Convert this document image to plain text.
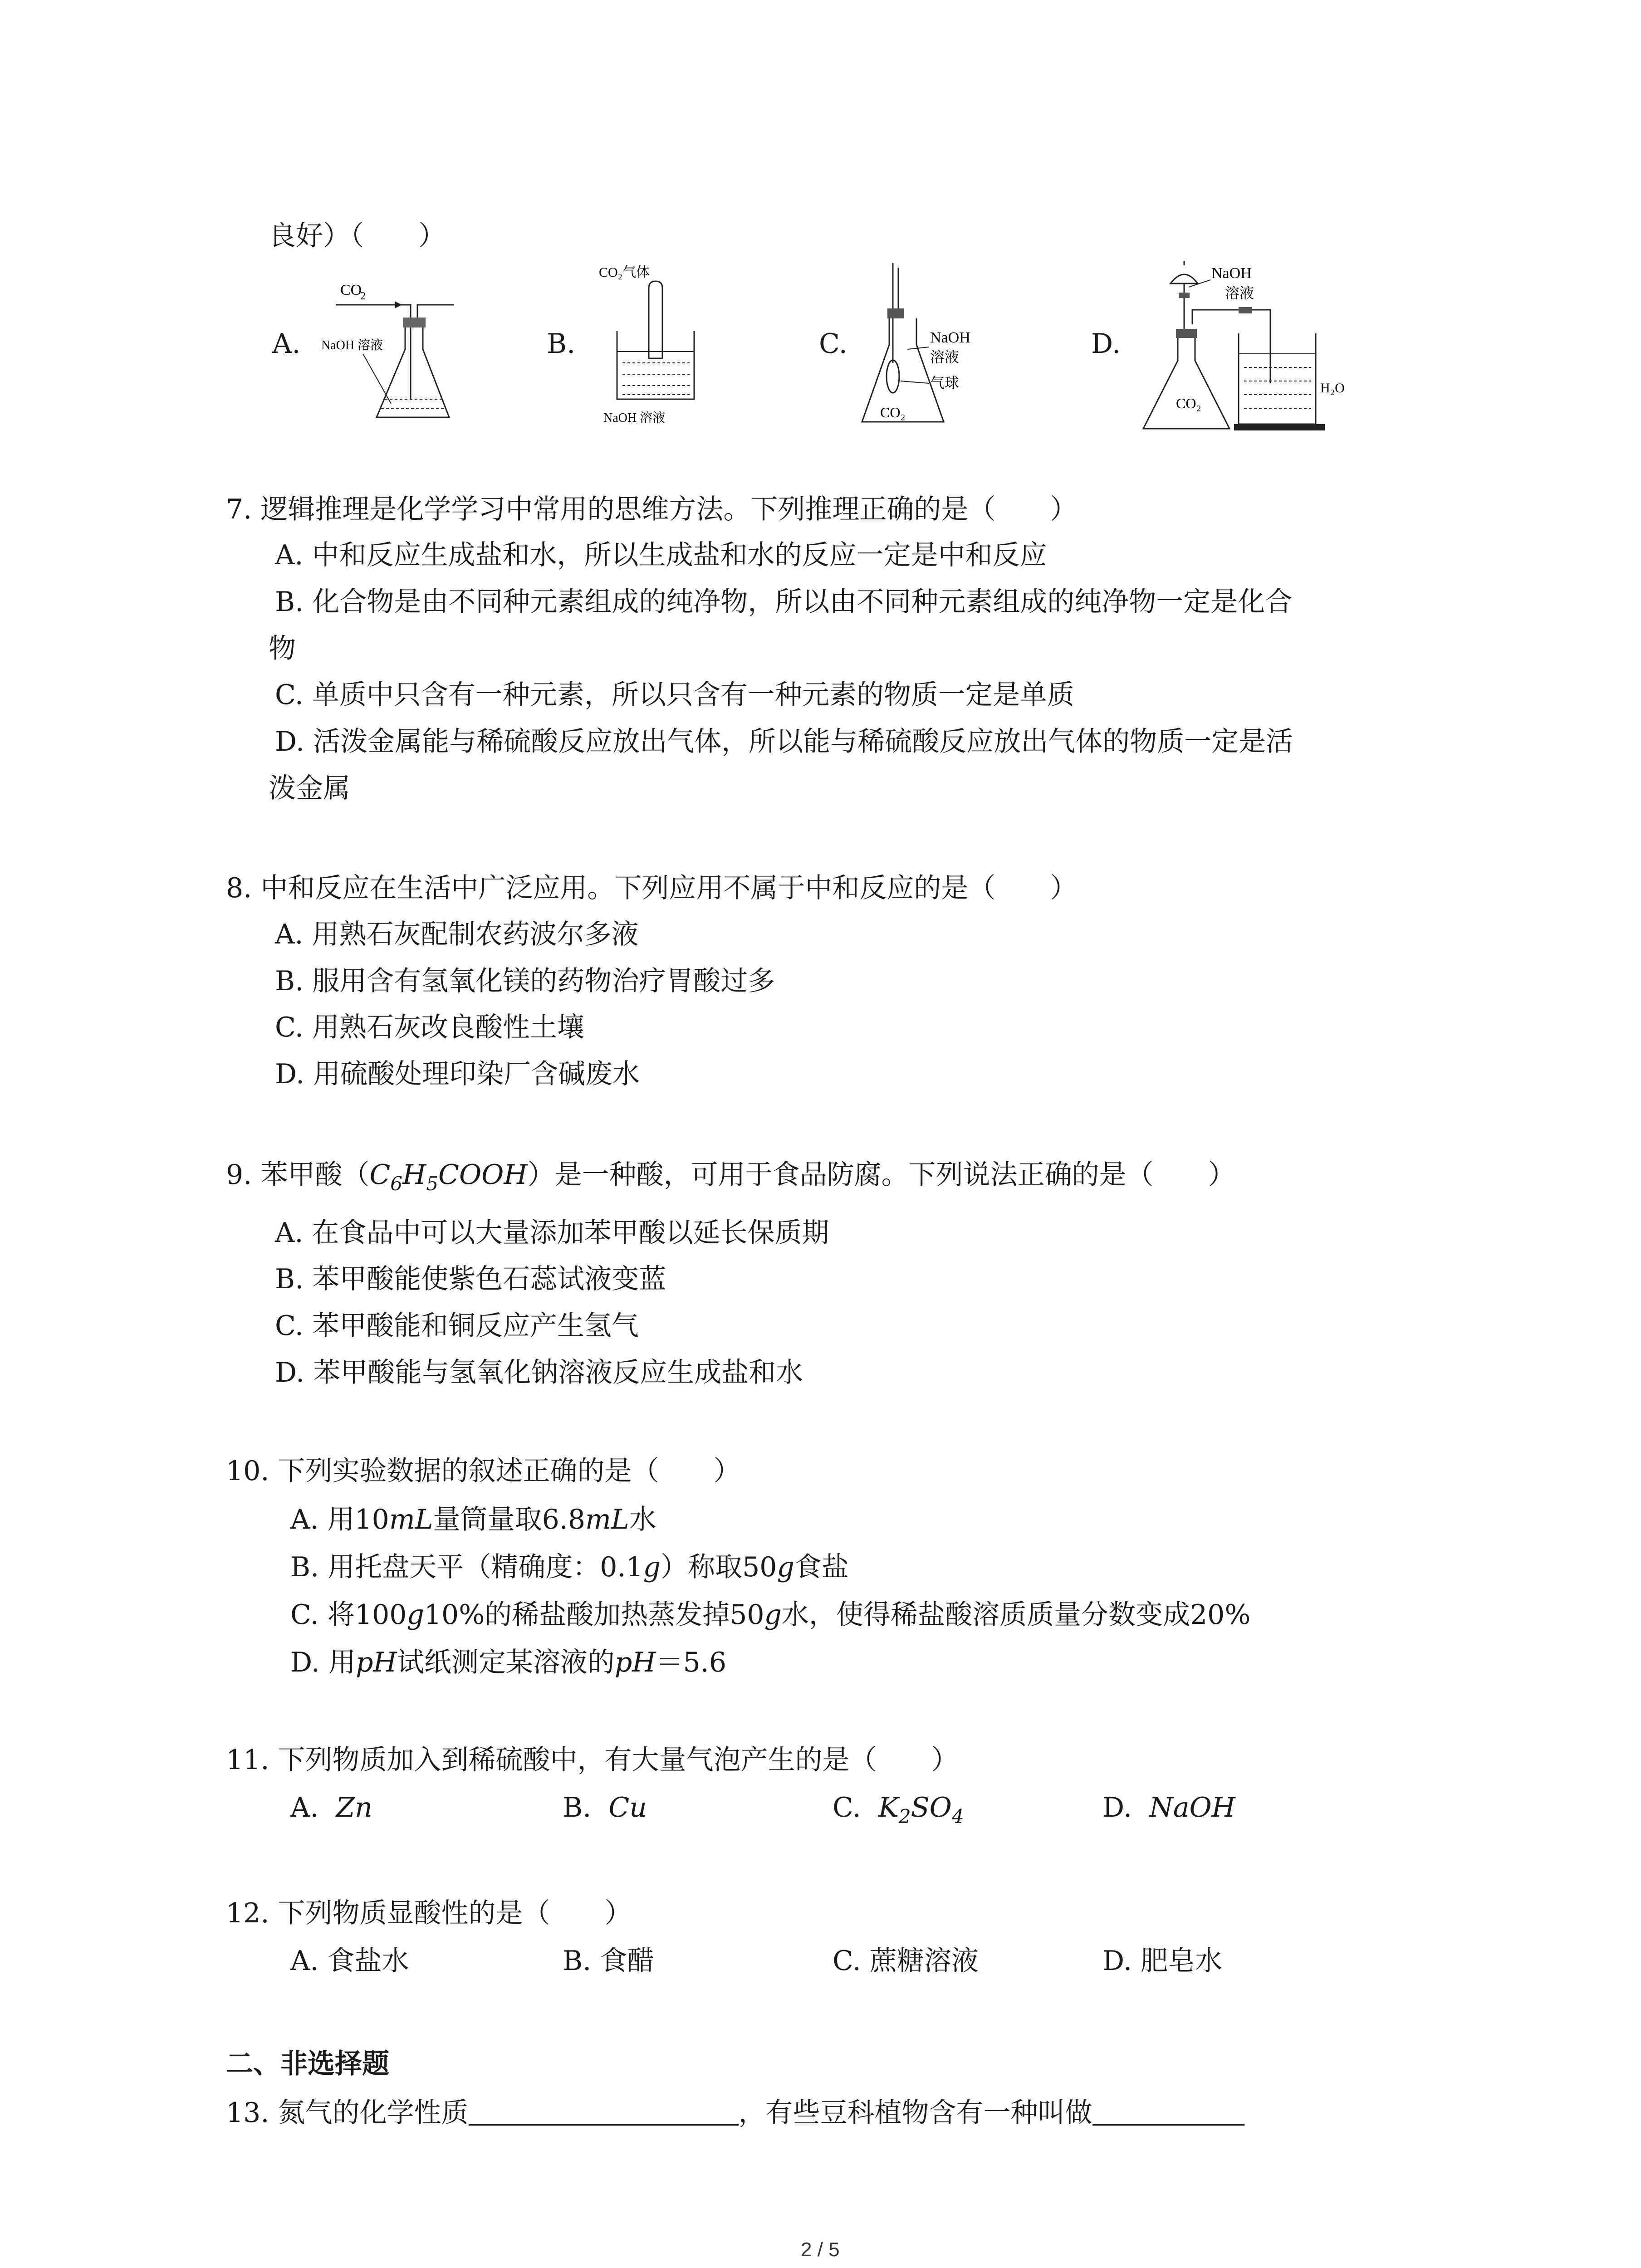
良好）（　　）
A.
CO
2
NaOH 溶液	B.
CO₂气体
NaOH 溶液
C.	NaOH
溶液
气球
CO₂
D.
NaOH
溶液
CO₂
H₂O
7. 逻辑推理是化学学习中常用的思维方法。下列推理正确的是（　　）
A. 中和反应生成盐和水，所以生成盐和水的反应一定是中和反应
B. 化合物是由不同种元素组成的纯净物，所以由不同种元素组成的纯净物一定是化合
物
C. 单质中只含有一种元素，所以只含有一种元素的物质一定是单质
D. 活泼金属能与稀硫酸反应放出气体，所以能与稀硫酸反应放出气体的物质一定是活
泼金属
8. 中和反应在生活中广泛应用。下列应用不属于中和反应的是（　　）
A. 用熟石灰配制农药波尔多液
B. 服用含有氢氧化镁的药物治疗胃酸过多
C. 用熟石灰改良酸性土壤
D. 用硫酸处理印染厂含碱废水
9. 苯甲酸$(C_6H_5COOH)$是一种酸，可用于食品防腐。下列说法正确的是（　　）
A. 在食品中可以大量添加苯甲酸以延长保质期
B. 苯甲酸能使紫色石蕊试液变蓝
C. 苯甲酸能和铜反应产生氢气
D. 苯甲酸能与氢氧化钠溶液反应生成盐和水
10. 下列实验数据的叙述正确的是（　　）
A. 用10mL量筒量取6.8mL水
B. 用托盘天平（精确度：0.1g）称取50g食盐
C. 将100g10%的稀盐酸加热蒸发掉50g水，使得稀盐酸溶质质量分数变成20%
D. 用pH试纸测定某溶液的pH＝5.6
11. 下列物质加入到稀硫酸中，有大量气泡产生的是（　　）
A. Zn	B. Cu	C. $K_2SO_4$	D. NaOH
12. 下列物质显酸性的是（　　）
A. 食盐水	B. 食醋	C. 蔗糖溶液	D. 肥皂水
二、非选择题
13. 氮气的化学性质	，有些豆科植物含有一种叫做
2 / 5
